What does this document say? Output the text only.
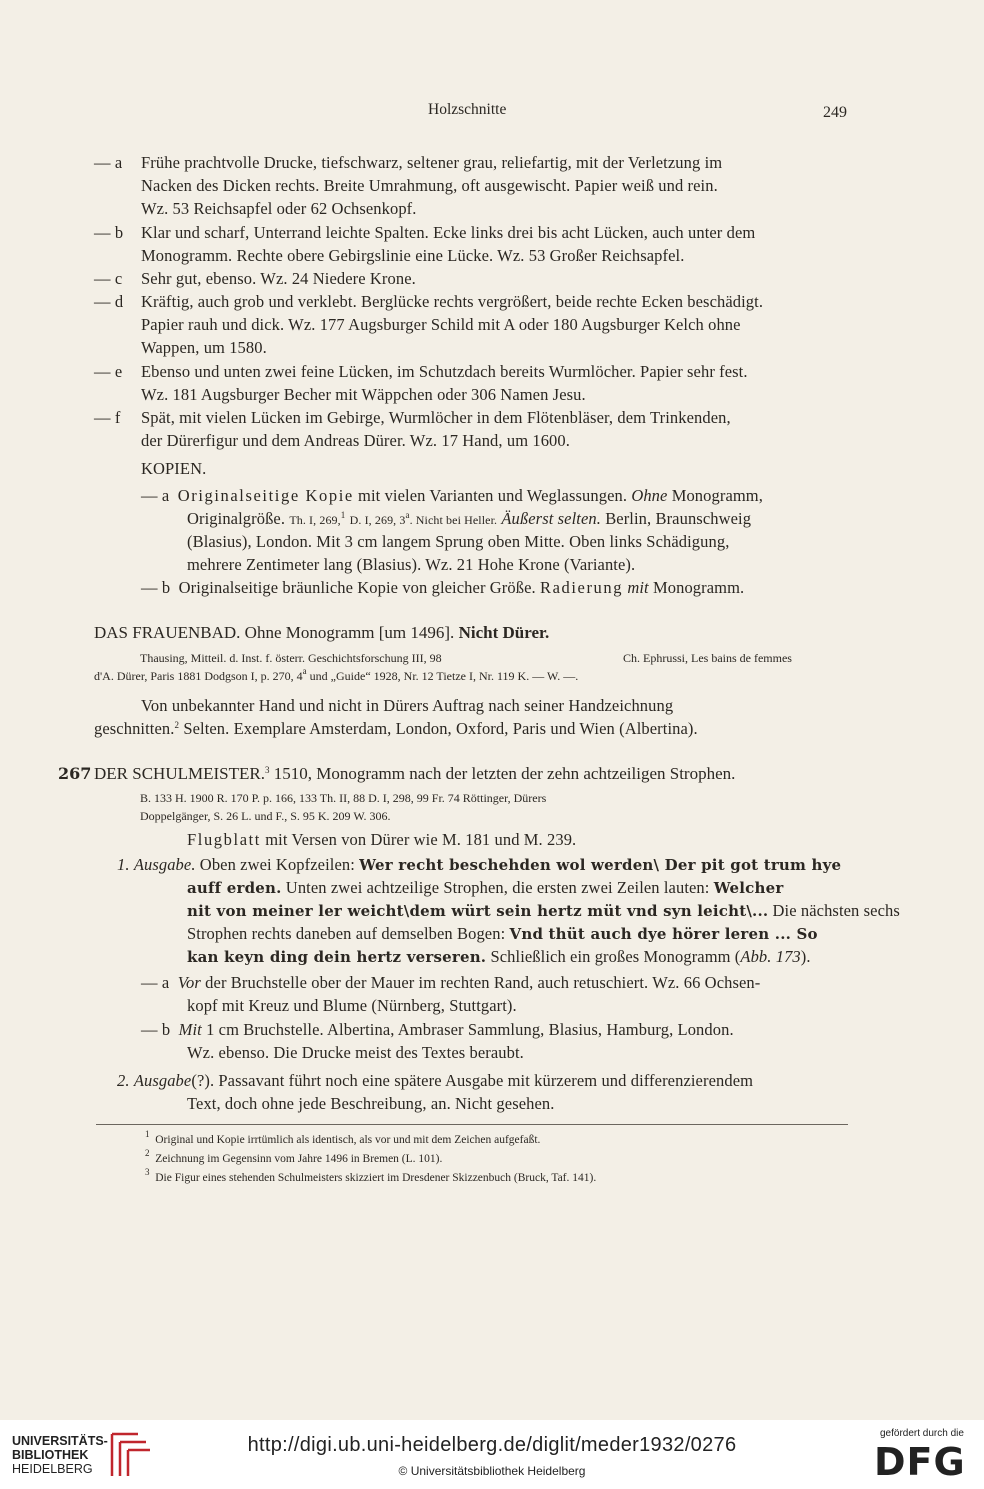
Holzschnitte	249
— a Frühe prachtvolle Drucke, tiefschwarz, seltener grau, reliefartig, mit der Verletzung im
Nacken des Dicken rechts. Breite Umrahmung, oft ausgewischt. Papier weiß und rein.
Wz. 53 Reichsapfel oder 62 Ochsenkopf.
— b Klar und scharf, Unterrand leichte Spalten. Ecke links drei bis acht Lücken, auch unter dem
Monogramm. Rechte obere Gebirgslinie eine Lücke. Wz. 53 Großer Reichsapfel.
— c Sehr gut, ebenso. Wz. 24 Niedere Krone.
— d Kräftig, auch grob und verklebt. Berglücke rechts vergrößert, beide rechte Ecken beschädigt.
Papier rauh und dick. Wz. 177 Augsburger Schild mit A oder 180 Augsburger Kelch ohne
Wappen, um 1580.
— e Ebenso und unten zwei feine Lücken, im Schutzdach bereits Wurmlöcher. Papier sehr fest.
Wz. 181 Augsburger Becher mit Wäppchen oder 306 Namen Jesu.
— f Spät, mit vielen Lücken im Gebirge, Wurmlöcher in dem Flötenbläser, dem Trinkenden,
der Dürerfigur und dem Andreas Dürer. Wz. 17 Hand, um 1600.
KOPIEN.
— a Originalseitige Kopie mit vielen Varianten und Weglassungen. Ohne Monogramm,
Originalgröße. Th. I, 269,$^1$ D. I, 269, 3$^a$. Nicht bei Heller. Äußerst selten. Berlin, Braunschweig
(Blasius), London. Mit 3 cm langem Sprung oben Mitte. Oben links Schädigung,
mehrere Zentimeter lang (Blasius). Wz. 21 Hohe Krone (Variante).
— b Originalseitige bräunliche Kopie von gleicher Größe. Radierung mit Monogramm.
DAS FRAUENBAD. Ohne Monogramm [um 1496]. Nicht Dürer.
Thausing, Mitteil. d. Inst. f. österr. Geschichtsforschung III, 98	Ch. Ephrussi, Les bains de femmes
d'A. Dürer, Paris 1881 Dodgson I, p. 270, 4$^a$ und „Guide“ 1928, Nr. 12 Tietze I, Nr. 119 K. — W. —.
Von unbekannter Hand und nicht in Dürers Auftrag nach seiner Handzeichnung
geschnitten.$^2$ Selten. Exemplare Amsterdam, London, Oxford, Paris und Wien (Albertina).
267 DER SCHULMEISTER.$^3$ 1510, Monogramm nach der letzten der zehn achtzeiligen Strophen.
B. 133 H. 1900 R. 170 P. p. 166, 133 Th. II, 88 D. I, 298, 99 Fr. 74 Röttinger, Dürers
Doppelgänger, S. 26 L. und F., S. 95 K. 209 W. 306.
Flugblatt mit Versen von Dürer wie M. 181 und M. 239.
1. Ausgabe. Oben zwei Kopfzeilen: Wer recht beschehden wol werden\ Der pit got trum hye
auff erden. Unten zwei achtzeilige Strophen, die ersten zwei Zeilen lauten: Welcher
nit von meiner ler weicht\dem würt sein hertz müt vnd syn leicht\... Die nächsten sechs
Strophen rechts daneben auf demselben Bogen: Vnd thüt auch dye hörer leren ... So
kan keyn ding dein hertz verseren. Schließlich ein großes Monogramm (Abb. 173).
— a Vor der Bruchstelle ober der Mauer im rechten Rand, auch retuschiert. Wz. 66 Ochsen-
kopf mit Kreuz und Blume (Nürnberg, Stuttgart).
— b Mit 1 cm Bruchstelle. Albertina, Ambraser Sammlung, Blasius, Hamburg, London.
Wz. ebenso. Die Drucke meist des Textes beraubt.
2. Ausgabe(?). Passavant führt noch eine spätere Ausgabe mit kürzerem und differenzierendem
Text, doch ohne jede Beschreibung, an. Nicht gesehen.
$^1$ Original und Kopie irrtümlich als identisch, als vor und mit dem Zeichen aufgefaßt.
$^2$ Zeichnung im Gegensinn vom Jahre 1496 in Bremen (L. 101).
$^3$ Die Figur eines stehenden Schulmeisters skizziert im Dresdener Skizzenbuch (Bruck, Taf. 141).
UNIVERSITÄTS-
BIBLIOTHEK
HEIDELBERG
http://digi.ub.uni-heidelberg.de/diglit/meder1932/0276
© Universitätsbibliothek Heidelberg
gefördert durch die
DFG
